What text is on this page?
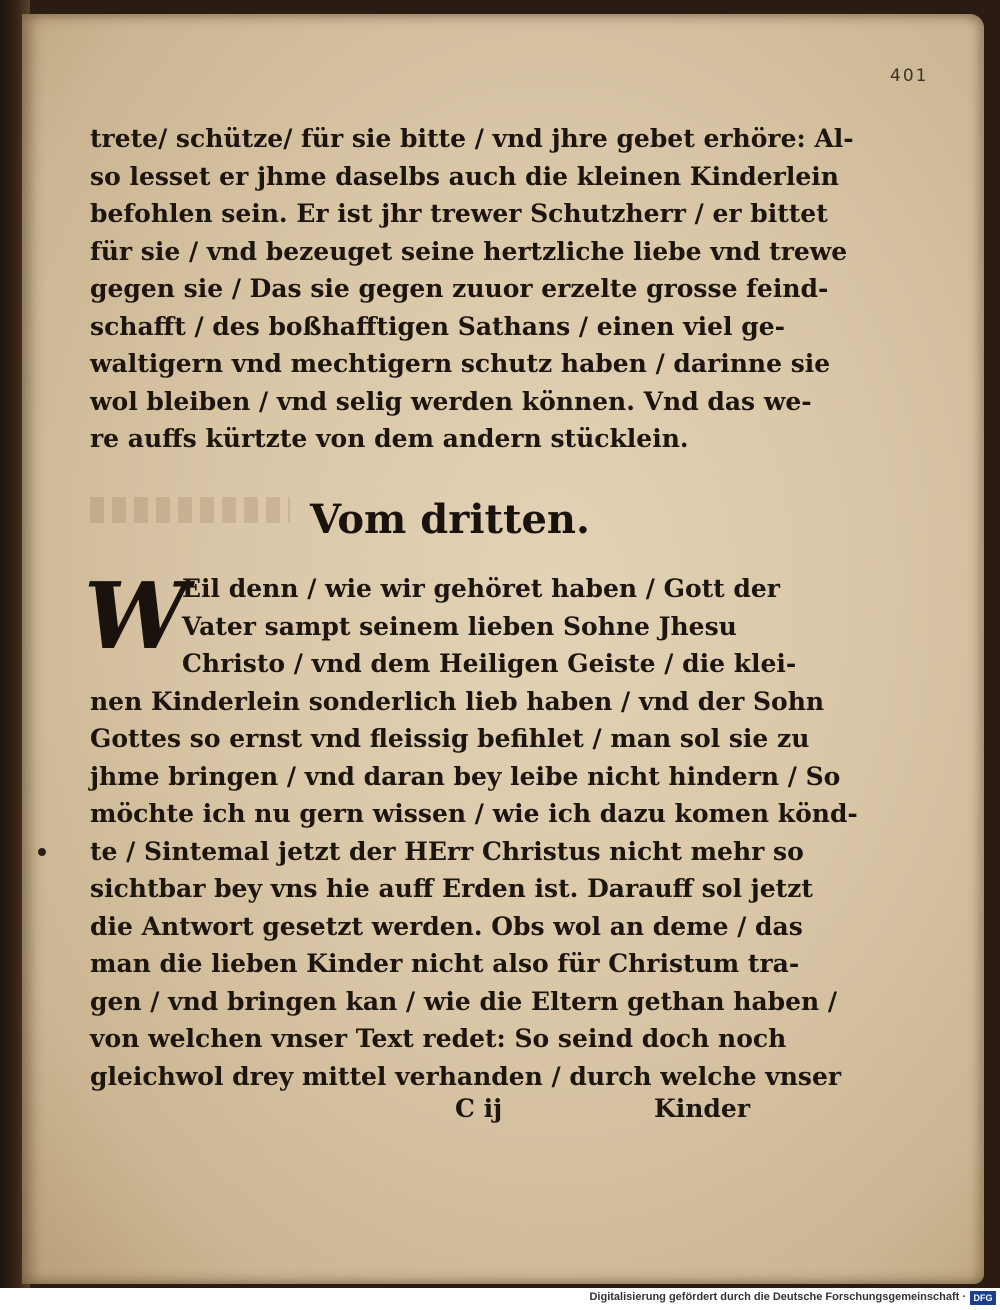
401
trete/ schütze/ für sie bitte / vnd jhre gebet erhöre: Al-
so lesset er jhme daselbs auch die kleinen Kinderlein
befohlen sein. Er ist jhr trewer Schutzherr / er bittet
für sie / vnd bezeuget seine hertzliche liebe vnd trewe
gegen sie / Das sie gegen zuuor erzelte grosse feind-
schafft / des boßhafftigen Sathans / einen viel ge-
waltigern vnd mechtigern schutz haben / darinne sie
wol bleiben / vnd selig werden können. Vnd das we-
re auffs kürtzte von dem andern stücklein.
Vom dritten.
W
Eil denn / wie wir gehöret haben / Gott der
Vater sampt seinem lieben Sohne Jhesu
Christo / vnd dem Heiligen Geiste / die klei-
nen Kinderlein sonderlich lieb haben / vnd der Sohn
Gottes so ernst vnd fleissig befihlet / man sol sie zu
jhme bringen / vnd daran bey leibe nicht hindern / So
möchte ich nu gern wissen / wie ich dazu komen könd-
te / Sintemal jetzt der HErr Christus nicht mehr so
sichtbar bey vns hie auff Erden ist. Darauff sol jetzt
die Antwort gesetzt werden. Obs wol an deme / das
man die lieben Kinder nicht also für Christum tra-
gen / vnd bringen kan / wie die Eltern gethan haben /
von welchen vnser Text redet: So seind doch noch
gleichwol drey mittel verhanden / durch welche vnser
C ij	Kinder
Digitalisierung gefördert durch die Deutsche Forschungsgemeinschaft · DFG
